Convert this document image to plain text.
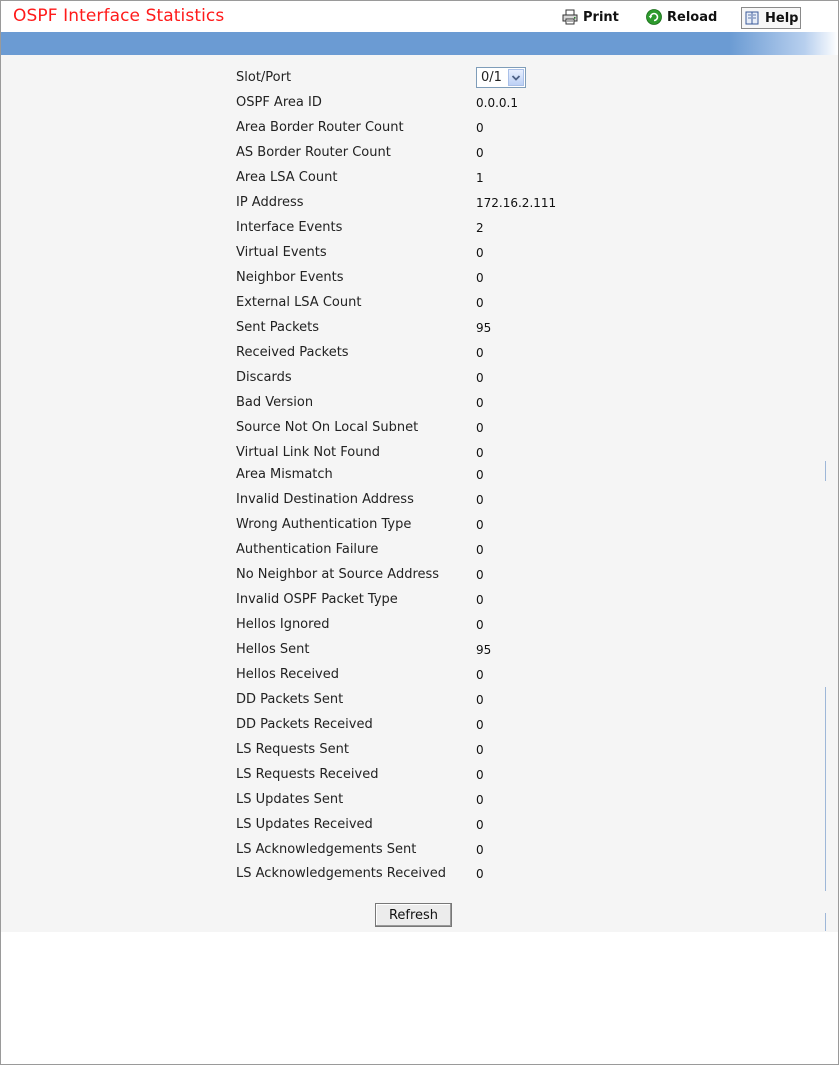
OSPF Interface Statistics	Print	Reload	Help
Slot/Port	0/1
OSPF Area ID	0.0.0.1
Area Border Router Count	0
AS Border Router Count	0
Area LSA Count	1
IP Address	172.16.2.111
Interface Events	2
Virtual Events	0
Neighbor Events	0
External LSA Count	0
Sent Packets	95
Received Packets	0
Discards	0
Bad Version	0
Source Not On Local Subnet	0
Virtual Link Not Found	0
Area Mismatch	0
Invalid Destination Address	0
Wrong Authentication Type	0
Authentication Failure	0
No Neighbor at Source Address	0
Invalid OSPF Packet Type	0
Hellos Ignored	0
Hellos Sent	95
Hellos Received	0
DD Packets Sent	0
DD Packets Received	0
LS Requests Sent	0
LS Requests Received	0
LS Updates Sent	0
LS Updates Received	0
LS Acknowledgements Sent	0
LS Acknowledgements Received	0
Refresh
